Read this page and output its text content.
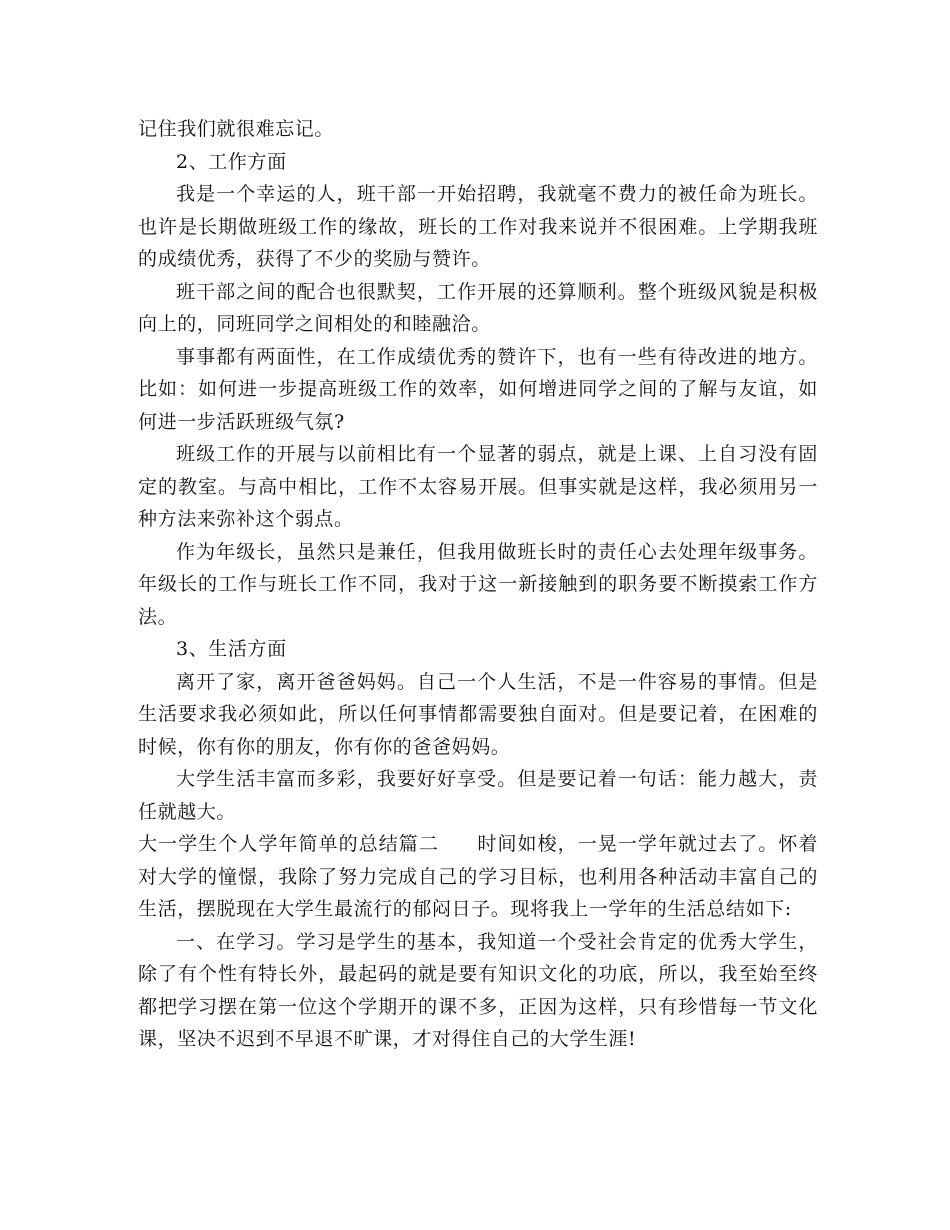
记住我们就很难忘记。

2、工作方面

我是一个幸运的人，班干部一开始招聘，我就毫不费力的被任命为班长。也许是长期做班级工作的缘故，班长的工作对我来说并不很困难。上学期我班的成绩优秀，获得了不少的奖励与赞许。

班干部之间的配合也很默契，工作开展的还算顺利。整个班级风貌是积极向上的，同班同学之间相处的和睦融洽。

事事都有两面性，在工作成绩优秀的赞许下，也有一些有待改进的地方。比如：如何进一步提高班级工作的效率，如何增进同学之间的了解与友谊，如何进一步活跃班级气氛?

班级工作的开展与以前相比有一个显著的弱点，就是上课、上自习没有固定的教室。与高中相比，工作不太容易开展。但事实就是这样，我必须用另一种方法来弥补这个弱点。

作为年级长，虽然只是兼任，但我用做班长时的责任心去处理年级事务。年级长的工作与班长工作不同，我对于这一新接触到的职务要不断摸索工作方法。

3、生活方面

离开了家，离开爸爸妈妈。自己一个人生活，不是一件容易的事情。但是生活要求我必须如此，所以任何事情都需要独自面对。但是要记着，在困难的时候，你有你的朋友，你有你的爸爸妈妈。

大学生活丰富而多彩，我要好好享受。但是要记着一句话：能力越大，责任就越大。

大一学生个人学年简单的总结篇二 时间如梭，一晃一学年就过去了。怀着对大学的憧憬，我除了努力完成自己的学习目标，也利用各种活动丰富自己的生活，摆脱现在大学生最流行的郁闷日子。现将我上一学年的生活总结如下:

一、在学习。学习是学生的基本，我知道一个受社会肯定的优秀大学生，除了有个性有特长外，最起码的就是要有知识文化的功底，所以，我至始至终都把学习摆在第一位这个学期开的课不多，正因为这样，只有珍惜每一节文化课，坚决不迟到不早退不旷课，才对得住自己的大学生涯!
